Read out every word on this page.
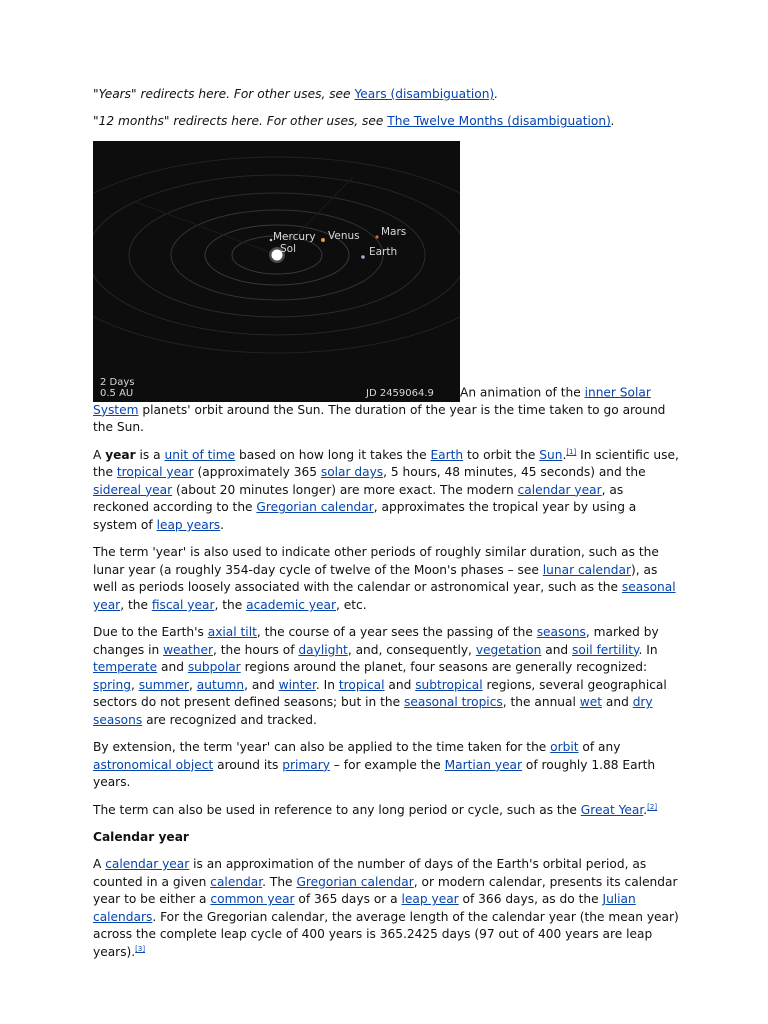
"Years" redirects here. For other uses, see Years (disambiguation).

"12 months" redirects here. For other uses, see The Twelve Months (disambiguation).

Mercury
Sol
Venus Mars
Earth
2 Days
0.5 AU	JD 2459064.9 An animation of the inner Solar System planets' orbit around the Sun. The duration of the year is the time taken to go around the Sun.

A year is a unit of time based on how long it takes the Earth to orbit the Sun.[1] In scientific use, the tropical year (approximately 365 solar days, 5 hours, 48 minutes, 45 seconds) and the sidereal year (about 20 minutes longer) are more exact. The modern calendar year, as reckoned according to the Gregorian calendar, approximates the tropical year by using a system of leap years.

The term 'year' is also used to indicate other periods of roughly similar duration, such as the lunar year (a roughly 354-day cycle of twelve of the Moon's phases – see lunar calendar), as well as periods loosely associated with the calendar or astronomical year, such as the seasonal year, the fiscal year, the academic year, etc.

Due to the Earth's axial tilt, the course of a year sees the passing of the seasons, marked by changes in weather, the hours of daylight, and, consequently, vegetation and soil fertility. In temperate and subpolar regions around the planet, four seasons are generally recognized: spring, summer, autumn, and winter. In tropical and subtropical regions, several geographical sectors do not present defined seasons; but in the seasonal tropics, the annual wet and dry seasons are recognized and tracked.

By extension, the term 'year' can also be applied to the time taken for the orbit of any astronomical object around its primary – for example the Martian year of roughly 1.88 Earth years.

The term can also be used in reference to any long period or cycle, such as the Great Year.[2]

Calendar year

A calendar year is an approximation of the number of days of the Earth's orbital period, as counted in a given calendar. The Gregorian calendar, or modern calendar, presents its calendar year to be either a common year of 365 days or a leap year of 366 days, as do the Julian calendars. For the Gregorian calendar, the average length of the calendar year (the mean year) across the complete leap cycle of 400 years is 365.2425 days (97 out of 400 years are leap years).[3]
